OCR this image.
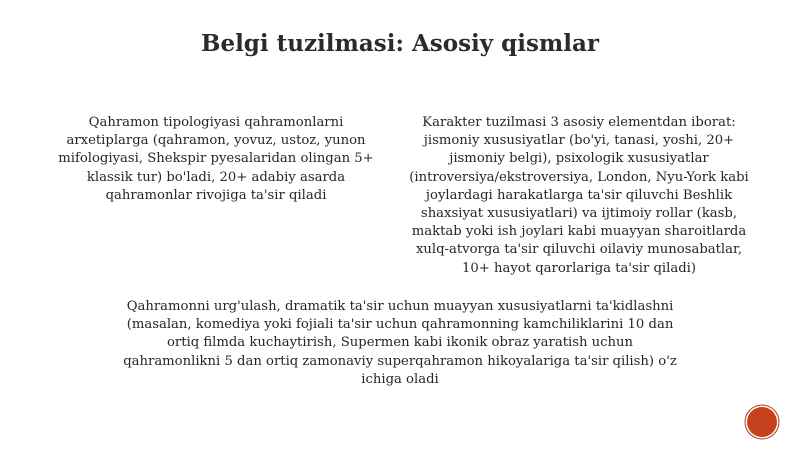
Belgi tuzilmasi: Asosiy qismlar

Qahramon tipologiyasi qahramonlarni arxetiplarga (qahramon, yovuz, ustoz, yunon mifologiyasi, Shekspir pyesalaridan olingan 5+ klassik tur) bo'ladi, 20+ adabiy asarda qahramonlar rivojiga ta'sir qiladi

Karakter tuzilmasi 3 asosiy elementdan iborat: jismoniy xususiyatlar (bo'yi, tanasi, yoshi, 20+ jismoniy belgi), psixologik xususiyatlar (introversiya/ekstroversiya, London, Nyu-York kabi joylardagi harakatlarga ta'sir qiluvchi Beshlik shaxsiyat xususiyatlari) va ijtimoiy rollar (kasb, maktab yoki ish joylari kabi muayyan sharoitlarda xulq-atvorga ta'sir qiluvchi oilaviy munosabatlar, 10+ hayot qarorlariga ta'sir qiladi)

Qahramonni urg'ulash, dramatik ta'sir uchun muayyan xususiyatlarni ta'kidlashni (masalan, komediya yoki fojiali ta'sir uchun qahramonning kamchiliklarini 10 dan ortiq filmda kuchaytirish, Supermen kabi ikonik obraz yaratish uchun qahramonlikni 5 dan ortiq zamonaviy superqahramon hikoyalariga ta'sir qilish) o'z ichiga oladi
